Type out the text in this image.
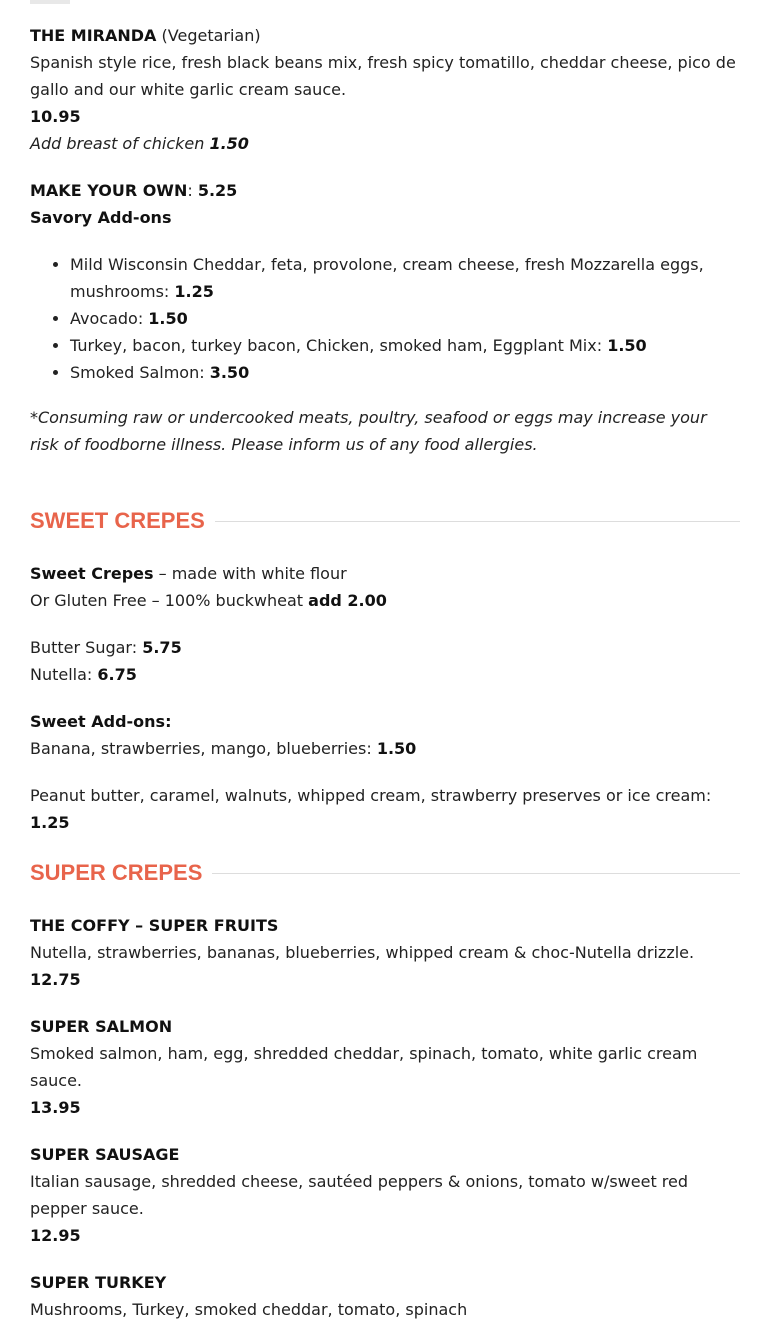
THE MIRANDA (Vegetarian)

Spanish style rice, fresh black beans mix, fresh spicy tomatillo, cheddar cheese, pico de gallo and our white garlic cream sauce.

10.95

Add breast of chicken 1.50

MAKE YOUR OWN: 5.25

Savory Add-ons

• Mild Wisconsin Cheddar, feta, provolone, cream cheese, fresh Mozzarella eggs, mushrooms: 1.25
• Avocado: 1.50
• Turkey, bacon, turkey bacon, Chicken, smoked ham, Eggplant Mix: 1.50
• Smoked Salmon: 3.50

*Consuming raw or undercooked meats, poultry, seafood or eggs may increase your risk of foodborne illness. Please inform us of any food allergies.

SWEET CREPES

Sweet Crepes – made with white flour

Or Gluten Free – 100% buckwheat add 2.00

Butter Sugar: 5.75

Nutella: 6.75

Sweet Add-ons:

Banana, strawberries, mango, blueberries: 1.50

Peanut butter, caramel, walnuts, whipped cream, strawberry preserves or ice cream: 1.25

SUPER CREPES

THE COFFY – SUPER FRUITS

Nutella, strawberries, bananas, blueberries, whipped cream & choc-Nutella drizzle.

12.75

SUPER SALMON

Smoked salmon, ham, egg, shredded cheddar, spinach, tomato, white garlic cream sauce.

13.95

SUPER SAUSAGE

Italian sausage, shredded cheese, sautéed peppers & onions, tomato w/sweet red pepper sauce.

12.95

SUPER TURKEY

Mushrooms, Turkey, smoked cheddar, tomato, spinach
